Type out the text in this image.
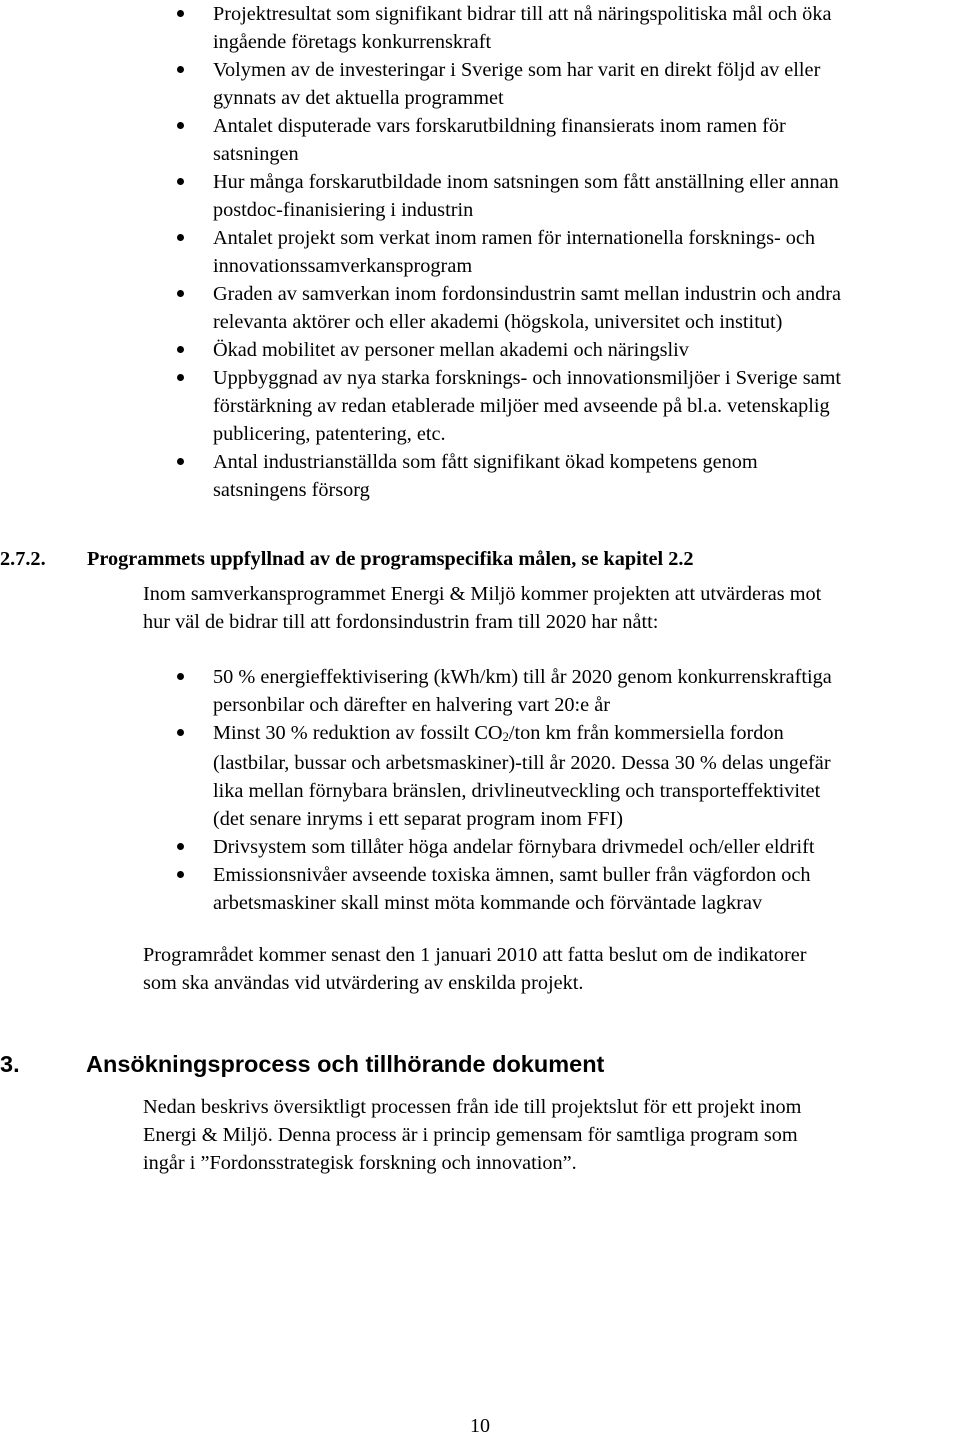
Projektresultat som signifikant bidrar till att nå näringspolitiska mål och öka
ingående företags konkurrenskraft
Volymen av de investeringar i Sverige som har varit en direkt följd av eller
gynnats av det aktuella programmet
Antalet disputerade vars forskarutbildning finansierats inom ramen för
satsningen
Hur många forskarutbildade inom satsningen som fått anställning eller annan
postdoc-finanisiering i industrin
Antalet projekt som verkat inom ramen för internationella forsknings- och
innovationssamverkansprogram
Graden av samverkan inom fordonsindustrin samt mellan industrin och andra
relevanta aktörer och eller akademi (högskola, universitet och institut)
Ökad mobilitet av personer mellan akademi och näringsliv
Uppbyggnad av nya starka forsknings- och innovationsmiljöer i Sverige samt
förstärkning av redan etablerade miljöer med avseende på bl.a. vetenskaplig
publicering, patentering, etc.
Antal industrianställda som fått signifikant ökad kompetens genom
satsningens försorg
2.7.2. Programmets uppfyllnad av de programspecifika målen, se kapitel 2.2
Inom samverkansprogrammet Energi & Miljö kommer projekten att utvärderas mot
hur väl de bidrar till att fordonsindustrin fram till 2020 har nått:
50 % energieffektivisering (kWh/km) till år 2020 genom konkurrenskraftiga
personbilar och därefter en halvering vart 20:e år
Minst 30 % reduktion av fossilt CO2/ton km från kommersiella fordon
(lastbilar, bussar och arbetsmaskiner)-till år 2020. Dessa 30 % delas ungefär
lika mellan förnybara bränslen, drivlineutveckling och transporteffektivitet
(det senare inryms i ett separat program inom FFI)
Drivsystem som tillåter höga andelar förnybara drivmedel och/eller eldrift
Emissionsnivåer avseende toxiska ämnen, samt buller från vägfordon och
arbetsmaskiner skall minst möta kommande och förväntade lagkrav
Programrådet kommer senast den 1 januari 2010 att fatta beslut om de indikatorer
som ska användas vid utvärdering av enskilda projekt.
3.	Ansökningsprocess och tillhörande dokument
Nedan beskrivs översiktligt processen från ide till projektslut för ett projekt inom
Energi & Miljö. Denna process är i princip gemensam för samtliga program som
ingår i ”Fordonsstrategisk forskning och innovation”.
10
